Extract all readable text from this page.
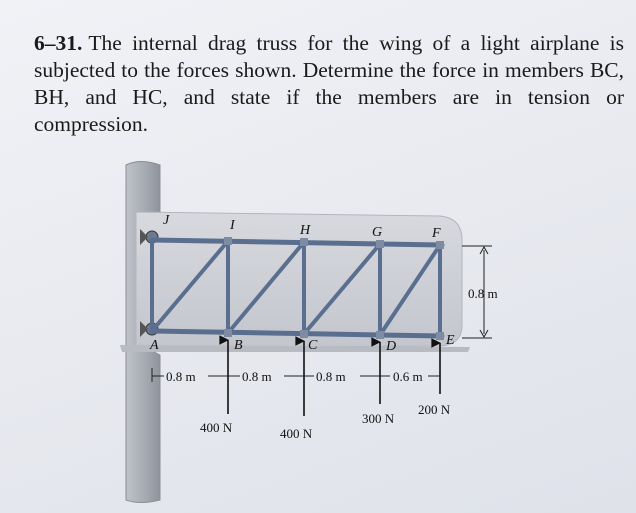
6–31. The internal drag truss for the wing of a light airplane is subjected to the forces shown. Determine the force in members BC, BH, and HC, and state if the members are in tension or compression.
J	I	H	G	F
A	B	C	D	E
0.8 m
0.8 m	0.8 m	0.8 m	0.6 m
400 N	400 N
300 N
200 N
